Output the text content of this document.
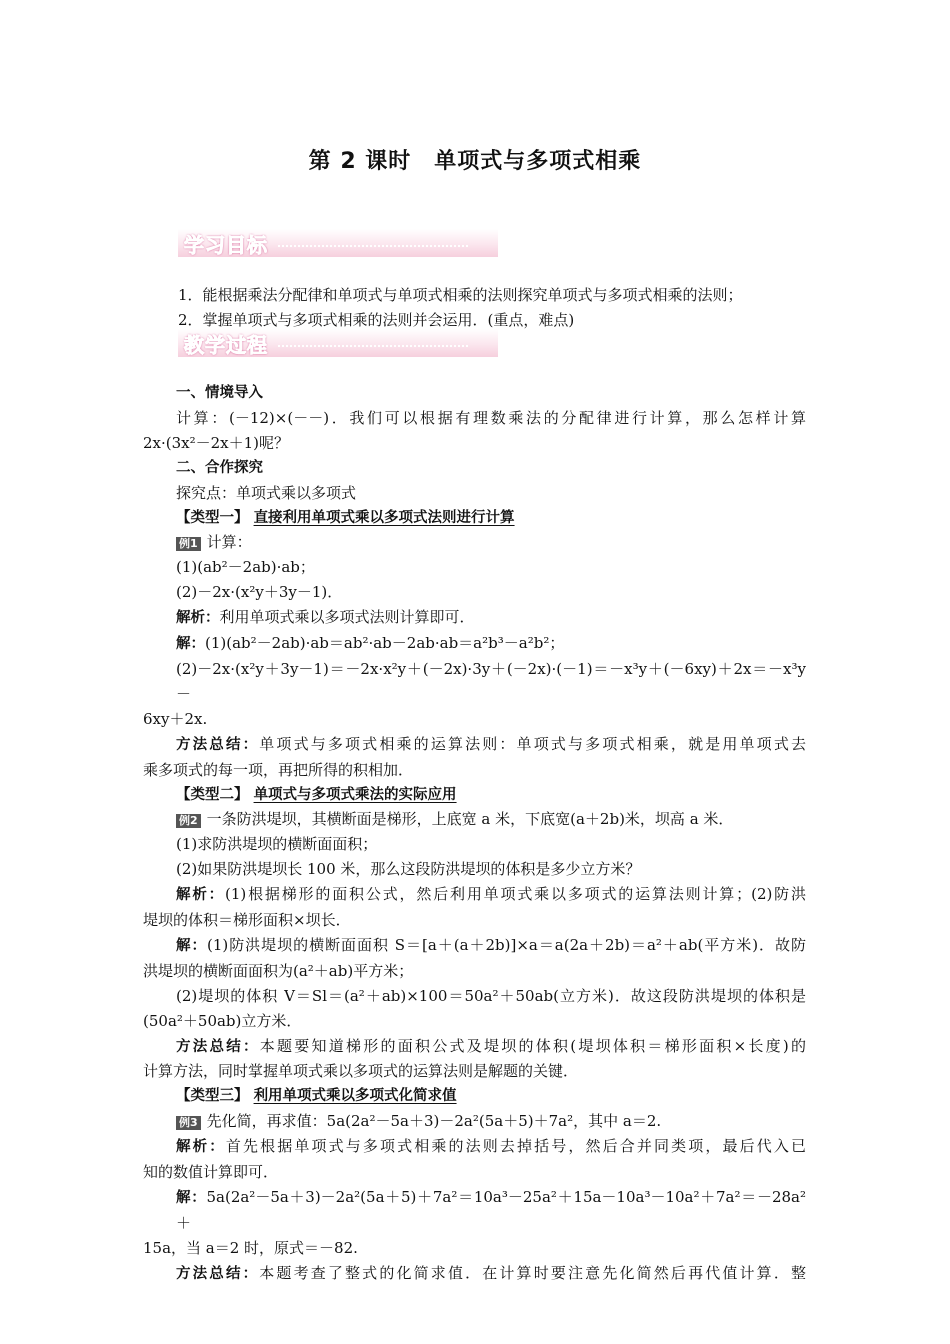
第 2 课时　单项式与多项式相乘
学习目标
1．能根据乘法分配律和单项式与单项式相乘的法则探究单项式与多项式相乘的法则；
2．掌握单项式与多项式相乘的法则并会运用．(重点，难点)
教学过程
一、情境导入
计算：(－12)×(－－)．我们可以根据有理数乘法的分配律进行计算，那么怎样计算
2x·(3x²－2x＋1)呢？
二、合作探究
探究点：单项式乘以多项式
【类型一】 直接利用单项式乘以多项式法则进行计算
例1 计算：
(1)(ab²－2ab)·ab；
(2)－2x·(x²y＋3y－1)．
解析：利用单项式乘以多项式法则计算即可．
解：(1)(ab²－2ab)·ab＝ab²·ab－2ab·ab＝a²b³－a²b²；
(2)－2x·(x²y＋3y－1)＝－2x·x²y＋(－2x)·3y＋(－2x)·(－1)＝－x³y＋(－6xy)＋2x＝－x³y－
6xy＋2x.
方法总结：单项式与多项式相乘的运算法则：单项式与多项式相乘，就是用单项式去
乘多项式的每一项，再把所得的积相加．
【类型二】 单项式与多项式乘法的实际应用
例2 一条防洪堤坝，其横断面是梯形，上底宽 a 米，下底宽(a＋2b)米，坝高 a 米．
(1)求防洪堤坝的横断面面积；
(2)如果防洪堤坝长 100 米，那么这段防洪堤坝的体积是多少立方米？
解析：(1)根据梯形的面积公式，然后利用单项式乘以多项式的运算法则计算；(2)防洪
堤坝的体积＝梯形面积×坝长．
解：(1)防洪堤坝的横断面面积 S＝[a＋(a＋2b)]×a＝a(2a＋2b)＝a²＋ab(平方米)．故防
洪堤坝的横断面面积为(a²＋ab)平方米；
(2)堤坝的体积 V＝Sl＝(a²＋ab)×100＝50a²＋50ab(立方米)．故这段防洪堤坝的体积是
(50a²＋50ab)立方米．
方法总结：本题要知道梯形的面积公式及堤坝的体积(堤坝体积＝梯形面积×长度)的
计算方法，同时掌握单项式乘以多项式的运算法则是解题的关键．
【类型三】 利用单项式乘以多项式化简求值
例3 先化简，再求值：5a(2a²－5a＋3)－2a²(5a＋5)＋7a²，其中 a＝2.
解析：首先根据单项式与多项式相乘的法则去掉括号，然后合并同类项，最后代入已
知的数值计算即可．
解：5a(2a²－5a＋3)－2a²(5a＋5)＋7a²＝10a³－25a²＋15a－10a³－10a²＋7a²＝－28a²＋
15a，当 a＝2 时，原式＝－82.
方法总结：本题考查了整式的化简求值．在计算时要注意先化简然后再代值计算．整
